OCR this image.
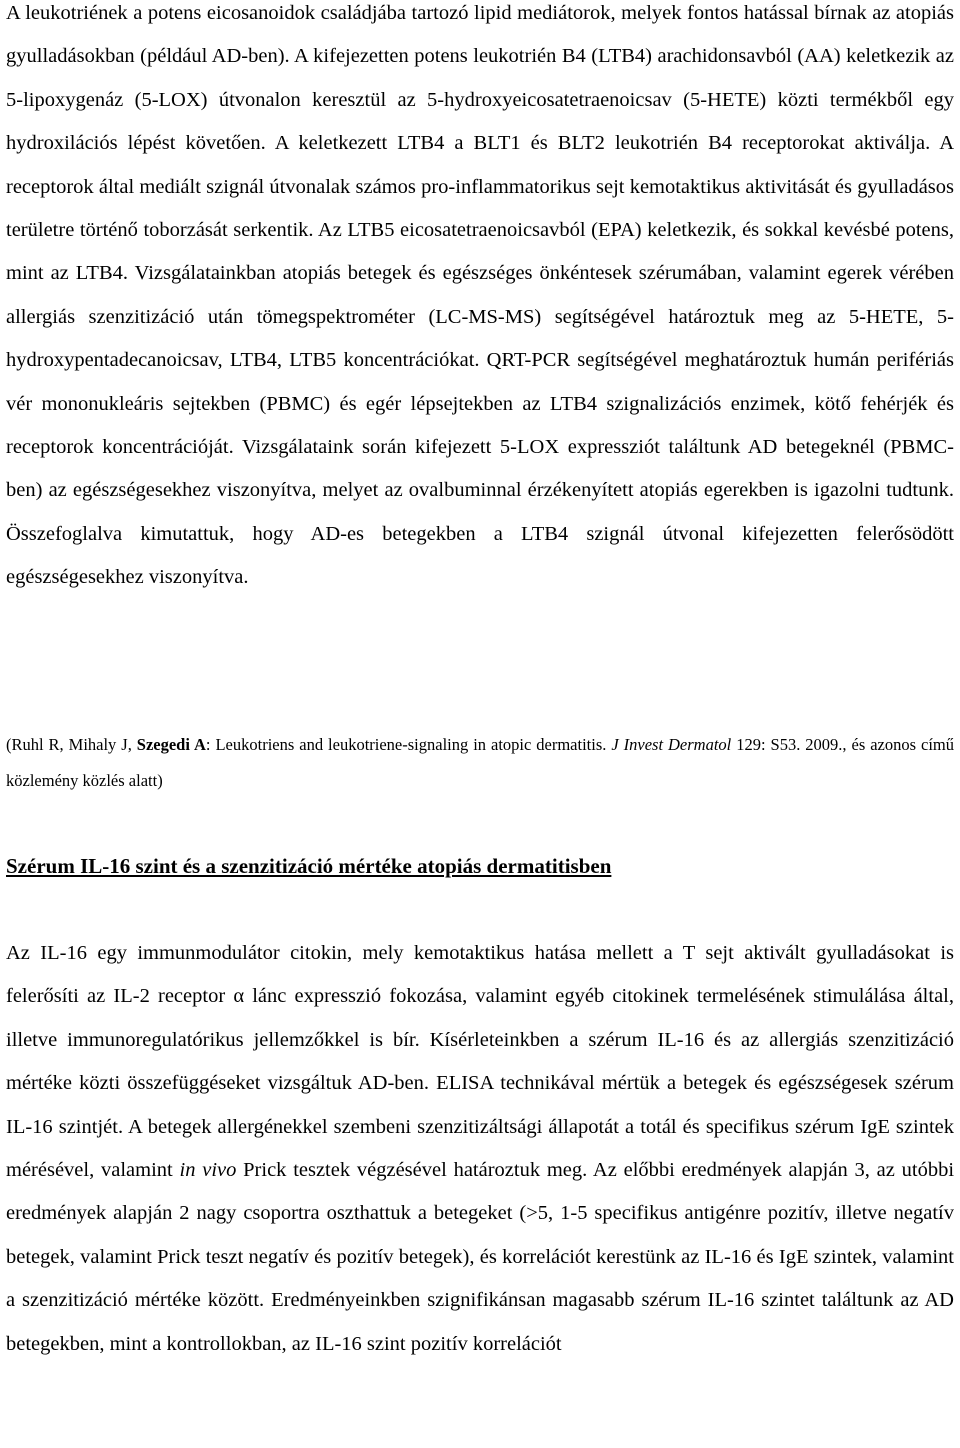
A leukotriének a potens eicosanoidok családjába tartozó lipid mediátorok, melyek fontos hatással bírnak az atopiás gyulladásokban (például AD-ben). A kifejezetten potens leukotrién B4 (LTB4) arachidonsavból (AA) keletkezik az 5-lipoxygenáz (5-LOX) útvonalon keresztül az 5-hydroxyeicosatetraenoicsav (5-HETE) közti termékből egy hydroxilációs lépést követően. A keletkezett LTB4 a BLT1 és BLT2 leukotrién B4 receptorokat aktiválja. A receptorok által mediált szignál útvonalak számos pro-inflammatorikus sejt kemotaktikus aktivitását és gyulladásos területre történő toborzását serkentik. Az LTB5 eicosatetraenoicsavból (EPA) keletkezik, és sokkal kevésbé potens, mint az LTB4. Vizsgálatainkban atopiás betegek és egészséges önkéntesek szérumában, valamint egerek vérében allergiás szenzitizáció után tömegspektrométer (LC-MS-MS) segítségével határoztuk meg az 5-HETE, 5-hydroxypentadecanoicsav, LTB4, LTB5 koncentrációkat. QRT-PCR segítségével meghatároztuk humán perifériás vér mononukleáris sejtekben (PBMC) és egér lépsejtekben az LTB4 szignalizációs enzimek, kötő fehérjék és receptorok koncentrációját. Vizsgálataink során kifejezett 5-LOX expressziót találtunk AD betegeknél (PBMC-ben) az egészségesekhez viszonyítva, melyet az ovalbuminnal érzékenyített atopiás egerekben is igazolni tudtunk. Összefoglalva kimutattuk, hogy AD-es betegekben a LTB4 szignál útvonal kifejezetten felerősödött egészségesekhez viszonyítva.

(Ruhl R, Mihaly J, Szegedi A: Leukotriens and leukotriene-signaling in atopic dermatitis. J Invest Dermatol 129: S53. 2009., és azonos című közlemény közlés alatt)

Szérum IL-16 szint és a szenzitizáció mértéke atopiás dermatitisben

Az IL-16 egy immunmodulátor citokin, mely kemotaktikus hatása mellett a T sejt aktivált gyulladásokat is felerősíti az IL-2 receptor α lánc expresszió fokozása, valamint egyéb citokinek termelésének stimulálása által, illetve immunoregulatórikus jellemzőkkel is bír. Kísérleteinkben a szérum IL-16 és az allergiás szenzitizáció mértéke közti összefüggéseket vizsgáltuk AD-ben. ELISA technikával mértük a betegek és egészségesek szérum IL-16 szintjét. A betegek allergénekkel szembeni szenzitizáltsági állapotát a totál és specifikus szérum IgE szintek mérésével, valamint in vivo Prick tesztek végzésével határoztuk meg. Az előbbi eredmények alapján 3, az utóbbi eredmények alapján 2 nagy csoportra oszthattuk a betegeket (>5, 1-5 specifikus antigénre pozitív, illetve negatív betegek, valamint Prick teszt negatív és pozitív betegek), és korrelációt kerestünk az IL-16 és IgE szintek, valamint a szenzitizáció mértéke között. Eredményeinkben szignifikánsan magasabb szérum IL-16 szintet találtunk az AD betegekben, mint a kontrollokban, az IL-16 szint pozitív korrelációt
